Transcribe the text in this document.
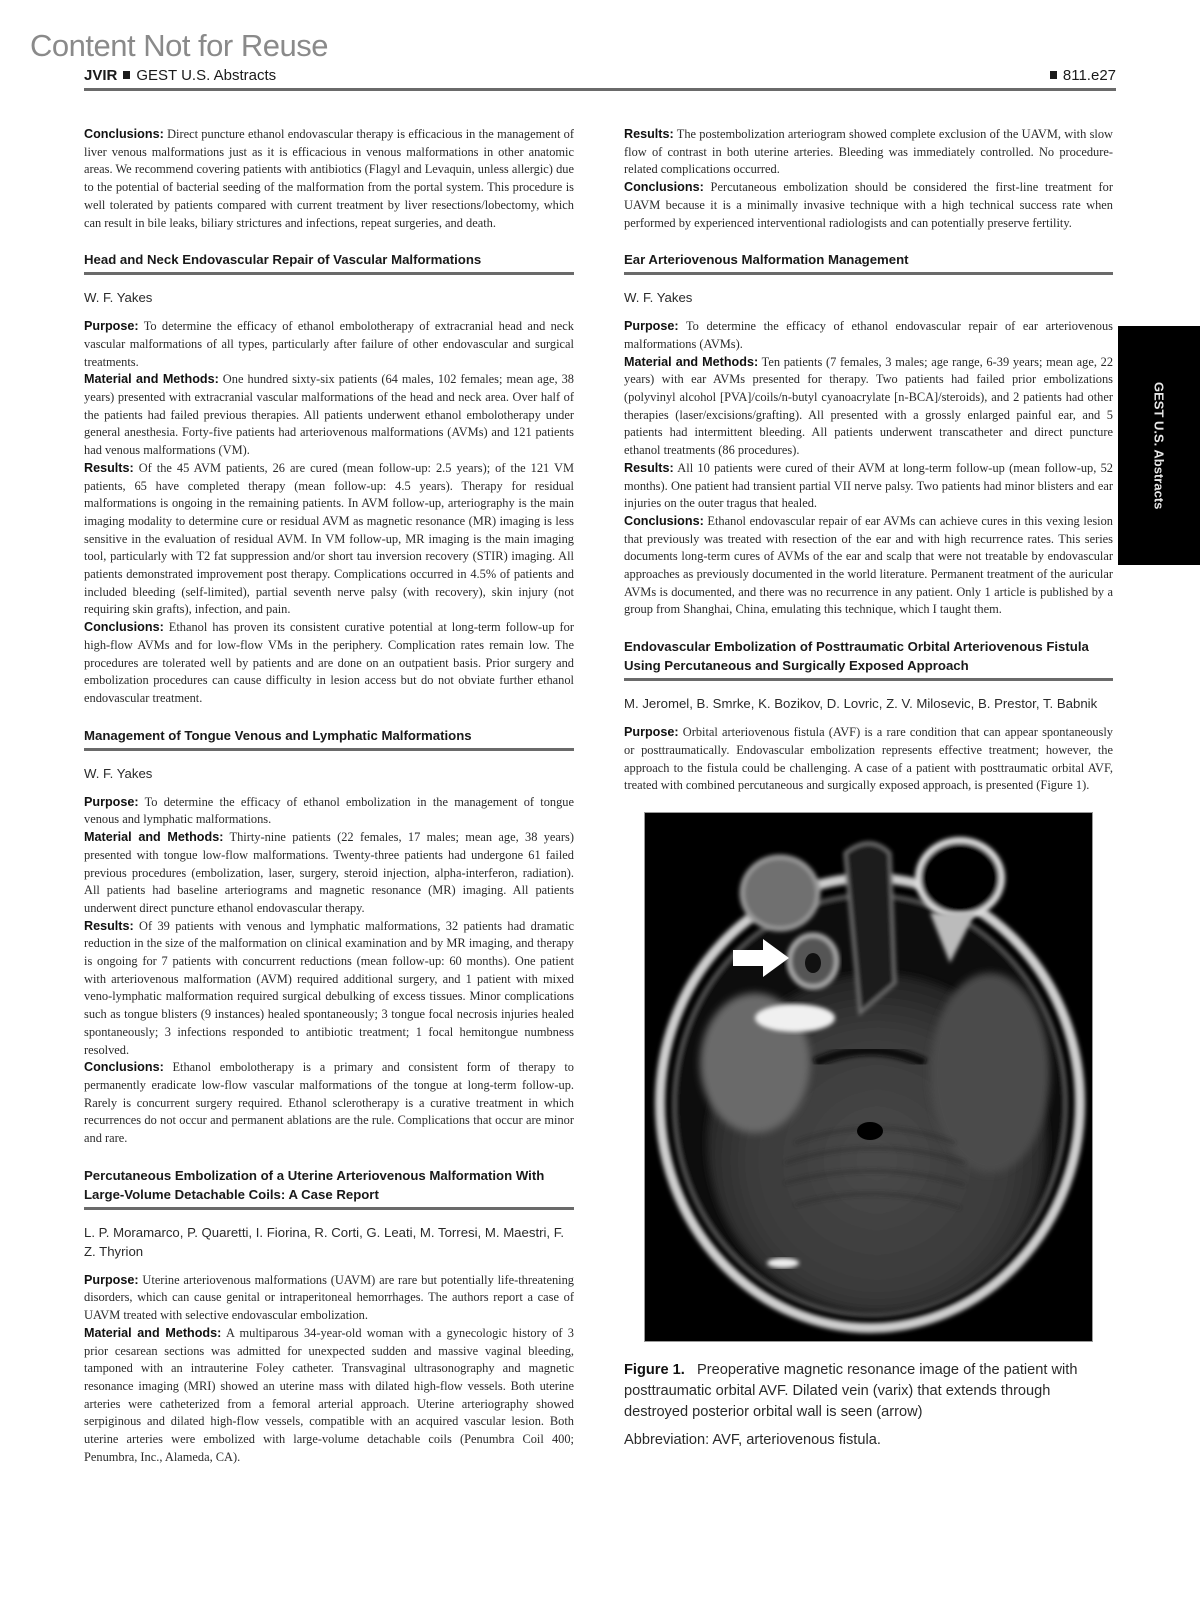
Content Not for Reuse
JVIR GEST U.S. Abstracts	811.e27
GEST U.S. Abstracts

Conclusions: Direct puncture ethanol endovascular therapy is efficacious in the management of liver venous malformations just as it is efficacious in venous malformations in other anatomic areas. We recommend covering patients with antibiotics (Flagyl and Levaquin, unless allergic) due to the potential of bacterial seeding of the malformation from the portal system. This procedure is well tolerated by patients compared with current treatment by liver resections/lobectomy, which can result in bile leaks, biliary strictures and infections, repeat surgeries, and death.

Head and Neck Endovascular Repair of Vascular Malformations
W. F. Yakes

Purpose: To determine the efficacy of ethanol embolotherapy of extracranial head and neck vascular malformations of all types, particularly after failure of other endovascular and surgical treatments.

Material and Methods: One hundred sixty-six patients (64 males, 102 females; mean age, 38 years) presented with extracranial vascular malformations of the head and neck area. Over half of the patients had failed previous therapies. All patients underwent ethanol embolotherapy under general anesthesia. Forty-five patients had arteriovenous malformations (AVMs) and 121 patients had venous malformations (VM).

Results: Of the 45 AVM patients, 26 are cured (mean follow-up: 2.5 years); of the 121 VM patients, 65 have completed therapy (mean follow-up: 4.5 years). Therapy for residual malformations is ongoing in the remaining patients. In AVM follow-up, arteriography is the main imaging modality to determine cure or residual AVM as magnetic resonance (MR) imaging is less sensitive in the evaluation of residual AVM. In VM follow-up, MR imaging is the main imaging tool, particularly with T2 fat suppression and/or short tau inversion recovery (STIR) imaging. All patients demonstrated improvement post therapy. Complications occurred in 4.5% of patients and included bleeding (self-limited), partial seventh nerve palsy (with recovery), skin injury (not requiring skin grafts), infection, and pain.

Conclusions: Ethanol has proven its consistent curative potential at long-term follow-up for high-flow AVMs and for low-flow VMs in the periphery. Complication rates remain low. The procedures are tolerated well by patients and are done on an outpatient basis. Prior surgery and embolization procedures can cause difficulty in lesion access but do not obviate further ethanol endovascular treatment.

Management of Tongue Venous and Lymphatic Malformations
W. F. Yakes

Purpose: To determine the efficacy of ethanol embolization in the management of tongue venous and lymphatic malformations.

Material and Methods: Thirty-nine patients (22 females, 17 males; mean age, 38 years) presented with tongue low-flow malformations. Twenty-three patients had undergone 61 failed previous procedures (embolization, laser, surgery, steroid injection, alpha-interferon, radiation). All patients had baseline arteriograms and magnetic resonance (MR) imaging. All patients underwent direct puncture ethanol endovascular therapy.

Results: Of 39 patients with venous and lymphatic malformations, 32 patients had dramatic reduction in the size of the malformation on clinical examination and by MR imaging, and therapy is ongoing for 7 patients with concurrent reductions (mean follow-up: 60 months). One patient with arteriovenous malformation (AVM) required additional surgery, and 1 patient with mixed veno-lymphatic malformation required surgical debulking of excess tissues. Minor complications such as tongue blisters (9 instances) healed spontaneously; 3 tongue focal necrosis injuries healed spontaneously; 3 infections responded to antibiotic treatment; 1 focal hemitongue numbness resolved.

Conclusions: Ethanol embolotherapy is a primary and consistent form of therapy to permanently eradicate low-flow vascular malformations of the tongue at long-term follow-up. Rarely is concurrent surgery required. Ethanol sclerotherapy is a curative treatment in which recurrences do not occur and permanent ablations are the rule. Complications that occur are minor and rare.

Percutaneous Embolization of a Uterine Arteriovenous Malformation With Large-Volume Detachable Coils: A Case Report
L. P. Moramarco, P. Quaretti, I. Fiorina, R. Corti, G. Leati, M. Torresi, M. Maestri, F. Z. Thyrion

Purpose: Uterine arteriovenous malformations (UAVM) are rare but potentially life-threatening disorders, which can cause genital or intraperitoneal hemorrhages. The authors report a case of UAVM treated with selective endovascular embolization.

Material and Methods: A multiparous 34-year-old woman with a gynecologic history of 3 prior cesarean sections was admitted for unexpected sudden and massive vaginal bleeding, tamponed with an intrauterine Foley catheter. Transvaginal ultrasonography and magnetic resonance imaging (MRI) showed an uterine mass with dilated high-flow vessels. Both uterine arteries were catheterized from a femoral arterial approach. Uterine arteriography showed serpiginous and dilated high-flow vessels, compatible with an acquired vascular lesion. Both uterine arteries were embolized with large-volume detachable coils (Penumbra Coil 400; Penumbra, Inc., Alameda, CA).

Results: The postembolization arteriogram showed complete exclusion of the UAVM, with slow flow of contrast in both uterine arteries. Bleeding was immediately controlled. No procedure-related complications occurred.

Conclusions: Percutaneous embolization should be considered the first-line treatment for UAVM because it is a minimally invasive technique with a high technical success rate when performed by experienced interventional radiologists and can potentially preserve fertility.

Ear Arteriovenous Malformation Management
W. F. Yakes

Purpose: To determine the efficacy of ethanol endovascular repair of ear arteriovenous malformations (AVMs).

Material and Methods: Ten patients (7 females, 3 males; age range, 6-39 years; mean age, 22 years) with ear AVMs presented for therapy. Two patients had failed prior embolizations (polyvinyl alcohol [PVA]/coils/n-butyl cyanoacrylate [n-BCA]/steroids), and 2 patients had other therapies (laser/excisions/grafting). All presented with a grossly enlarged painful ear, and 5 patients had intermittent bleeding. All patients underwent transcatheter and direct puncture ethanol treatments (86 procedures).

Results: All 10 patients were cured of their AVM at long-term follow-up (mean follow-up, 52 months). One patient had transient partial VII nerve palsy. Two patients had minor blisters and ear injuries on the outer tragus that healed.

Conclusions: Ethanol endovascular repair of ear AVMs can achieve cures in this vexing lesion that previously was treated with resection of the ear and with high recurrence rates. This series documents long-term cures of AVMs of the ear and scalp that were not treatable by endovascular approaches as previously documented in the world literature. Permanent treatment of the auricular AVMs is documented, and there was no recurrence in any patient. Only 1 article is published by a group from Shanghai, China, emulating this technique, which I taught them.

Endovascular Embolization of Posttraumatic Orbital Arteriovenous Fistula Using Percutaneous and Surgically Exposed Approach
M. Jeromel, B. Smrke, K. Bozikov, D. Lovric, Z. V. Milosevic, B. Prestor, T. Babnik

Purpose: Orbital arteriovenous fistula (AVF) is a rare condition that can appear spontaneously or posttraumatically. Endovascular embolization represents effective treatment; however, the approach to the fistula could be challenging. A case of a patient with posttraumatic orbital AVF, treated with combined percutaneous and surgically exposed approach, is presented (Figure 1).

Figure 1. Preoperative magnetic resonance image of the patient with posttraumatic orbital AVF. Dilated vein (varix) that extends through destroyed posterior orbital wall is seen (arrow)
Abbreviation: AVF, arteriovenous fistula.
